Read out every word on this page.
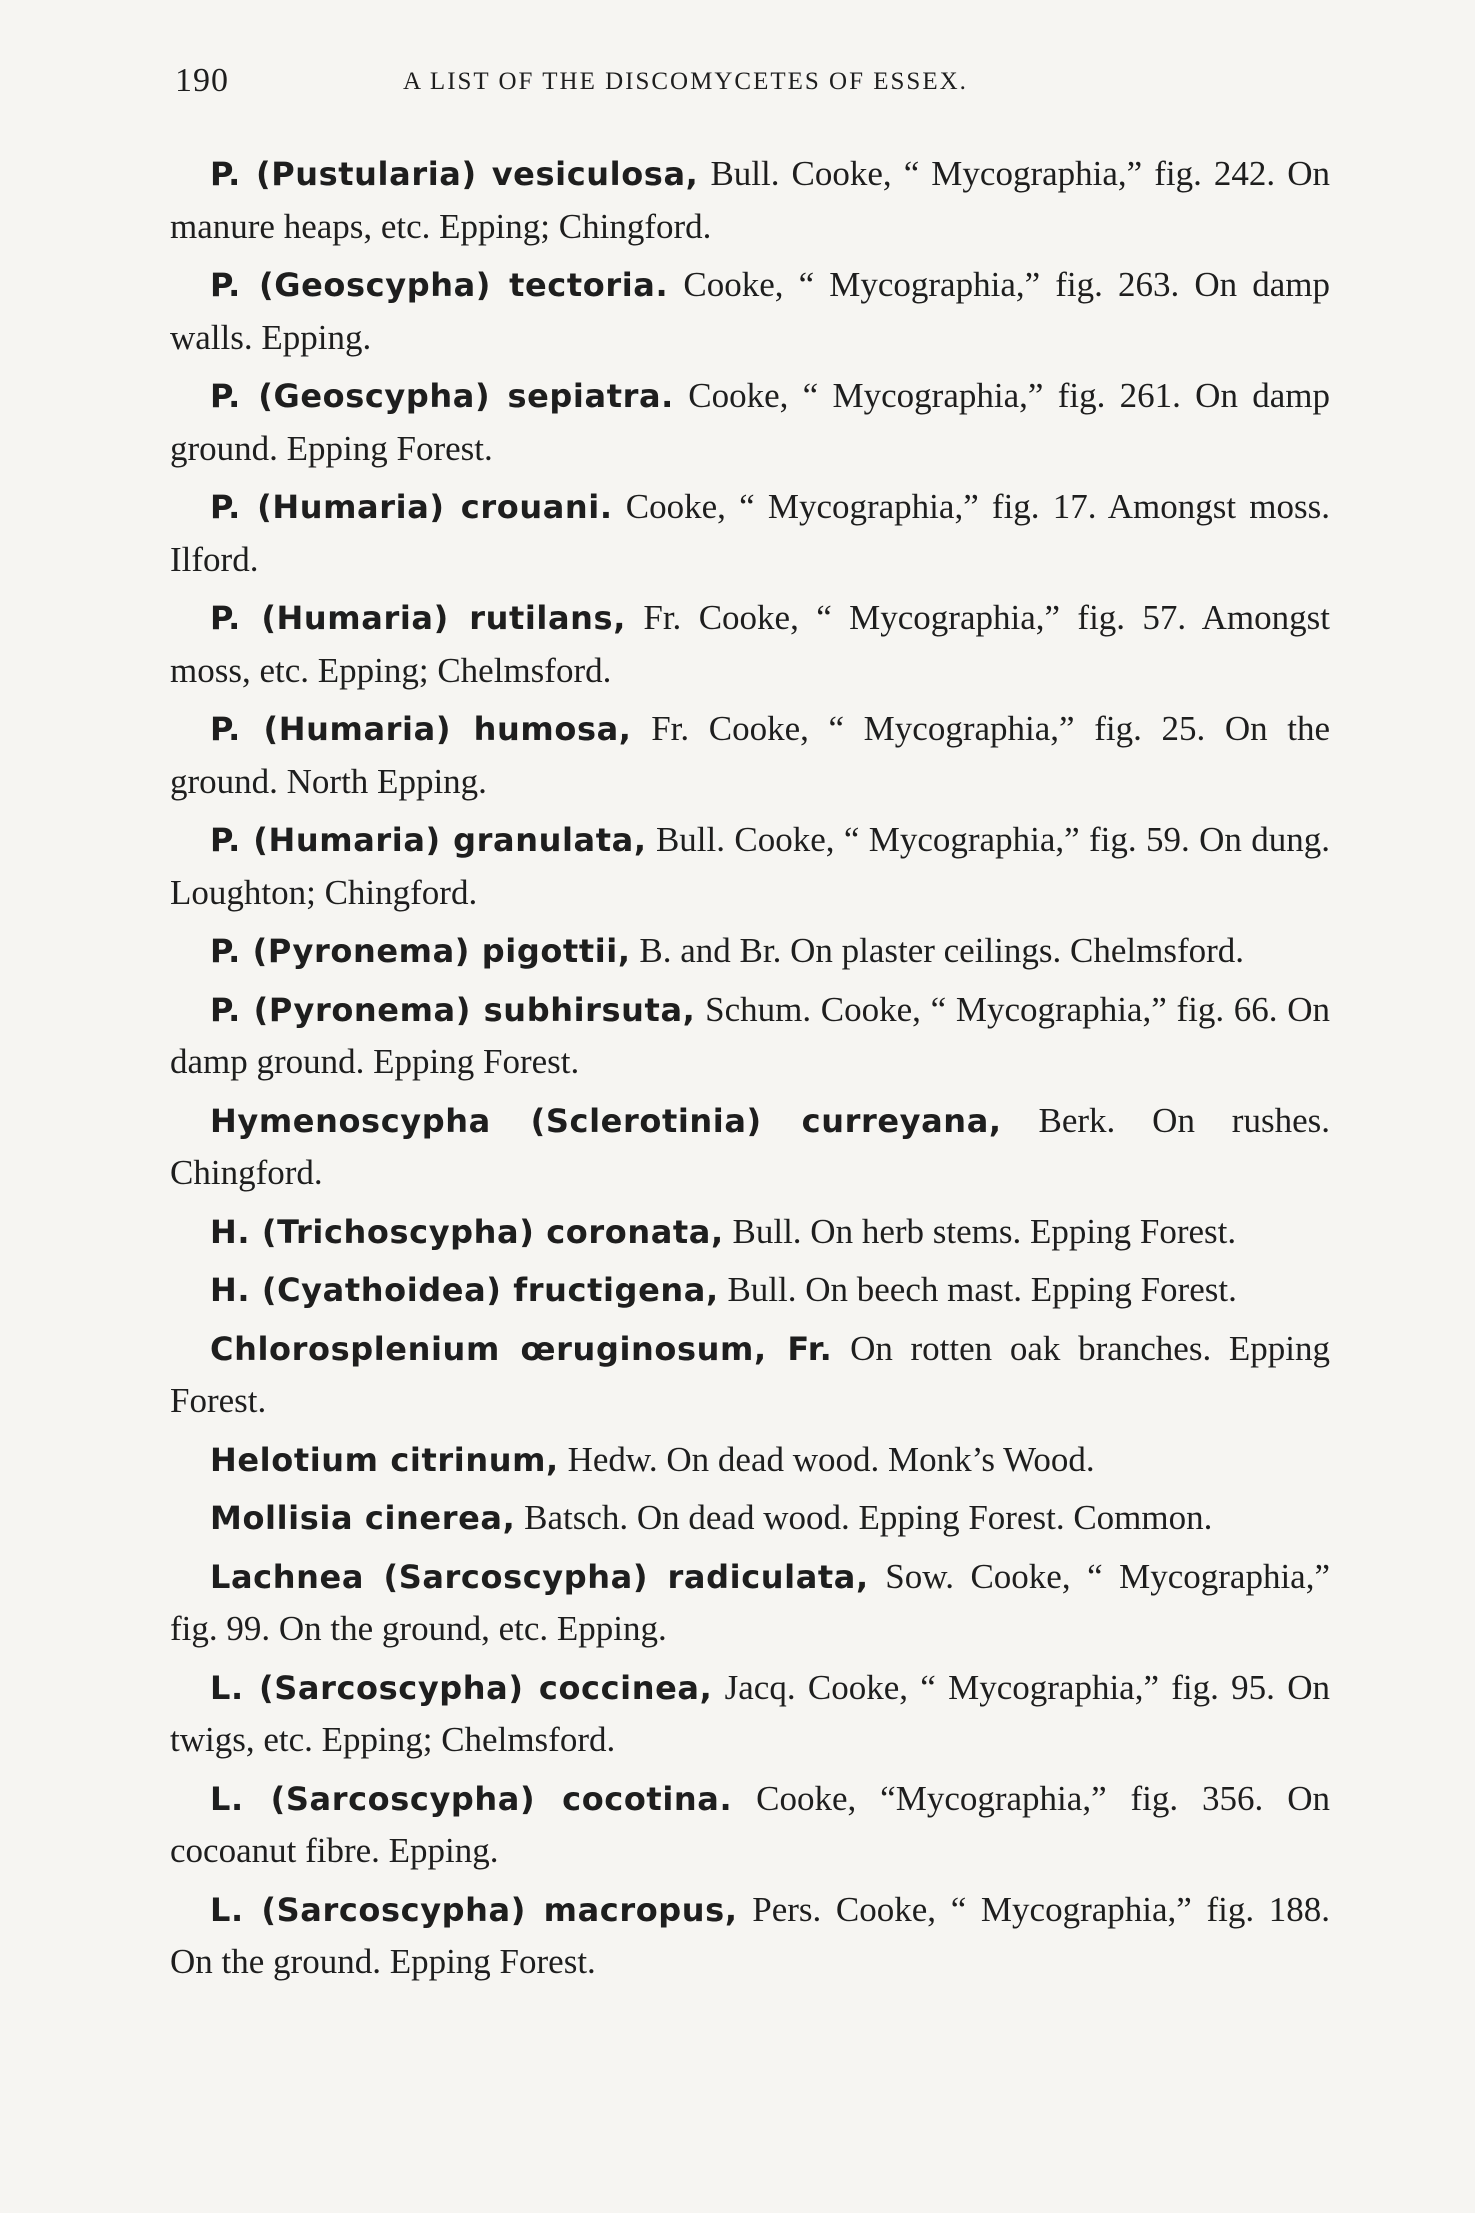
190	A LIST OF THE DISCOMYCETES OF ESSEX.

P. (Pustularia) vesiculosa, Bull. Cooke, “ Mycographia,” fig. 242. On manure heaps, etc. Epping; Chingford.

P. (Geoscypha) tectoria. Cooke, “ Mycographia,” fig. 263. On damp walls. Epping.

P. (Geoscypha) sepiatra. Cooke, “ Mycographia,” fig. 261. On damp ground. Epping Forest.

P. (Humaria) crouani. Cooke, “ Mycographia,” fig. 17. Amongst moss. Ilford.

P. (Humaria) rutilans, Fr. Cooke, “ Mycographia,” fig. 57. Amongst moss, etc. Epping; Chelmsford.

P. (Humaria) humosa, Fr. Cooke, “ Mycographia,” fig. 25. On the ground. North Epping.

P. (Humaria) granulata, Bull. Cooke, “ Mycographia,” fig. 59. On dung. Loughton; Chingford.

P. (Pyronema) pigottii, B. and Br. On plaster ceilings. Chelmsford.

P. (Pyronema) subhirsuta, Schum. Cooke, “ Mycographia,” fig. 66. On damp ground. Epping Forest.

Hymenoscypha (Sclerotinia) curreyana, Berk. On rushes. Chingford.

H. (Trichoscypha) coronata, Bull. On herb stems. Epping Forest.

H. (Cyathoidea) fructigena, Bull. On beech mast. Epping Forest.

Chlorosplenium œruginosum, Fr. On rotten oak branches. Epping Forest.

Helotium citrinum, Hedw. On dead wood. Monk’s Wood.

Mollisia cinerea, Batsch. On dead wood. Epping Forest. Common.

Lachnea (Sarcoscypha) radiculata, Sow. Cooke, “ Mycographia,” fig. 99. On the ground, etc. Epping.

L. (Sarcoscypha) coccinea, Jacq. Cooke, “ Mycographia,” fig. 95. On twigs, etc. Epping; Chelmsford.

L. (Sarcoscypha) cocotina. Cooke, “Mycographia,” fig. 356. On cocoanut fibre. Epping.

L. (Sarcoscypha) macropus, Pers. Cooke, “ Mycographia,” fig. 188. On the ground. Epping Forest.
